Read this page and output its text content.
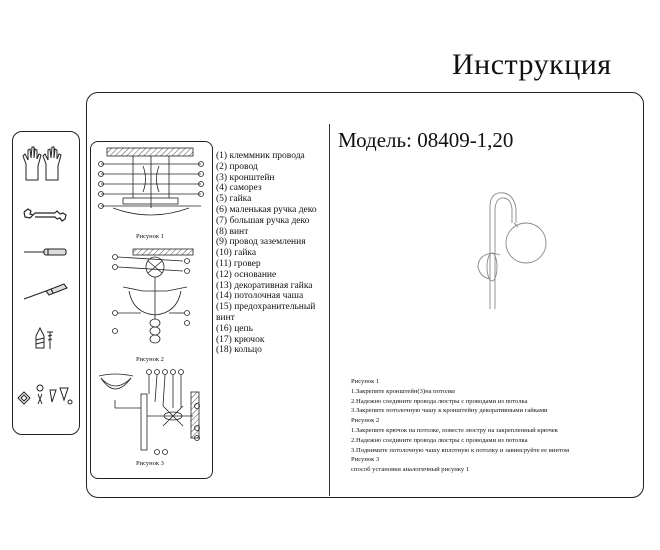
Инструкция
Рисунок 1
Рисунок 2
Рисунок 3
(1) клеммник провода
(2) провод
(3) кронштейн
(4) саморез
(5) гайка
(6) маленькая ручка деко
(7) большая ручка деко
(8) винт
(9) провод заземления
(10) гайка
(11) гровер
(12) основание
(13) декоративная гайка
(14) потолочная чаша
(15) предохранительный
винт
(16) цепь
(17) крючок
(18) кольцо
Модель: 08409-1,20
Рисунок 1
1.Закрепите кронштейн(3)на потолке
2.Надежно соедините провода люстры с проводами из потолка
3.Закрепите потолочную чашу к кронштейну декоративными гайками
Рисунок 2
1.Закрепите крючок на потолке, повесте люстру на закрепленный крючек
2.Надежно соедините провода люстры с проводами из потолка
3.Поднимите потолочную чашу вплотную к потолку и завинсруйте ее винтом
Рисунок 3
способ установки аналогичный рисунку 1
